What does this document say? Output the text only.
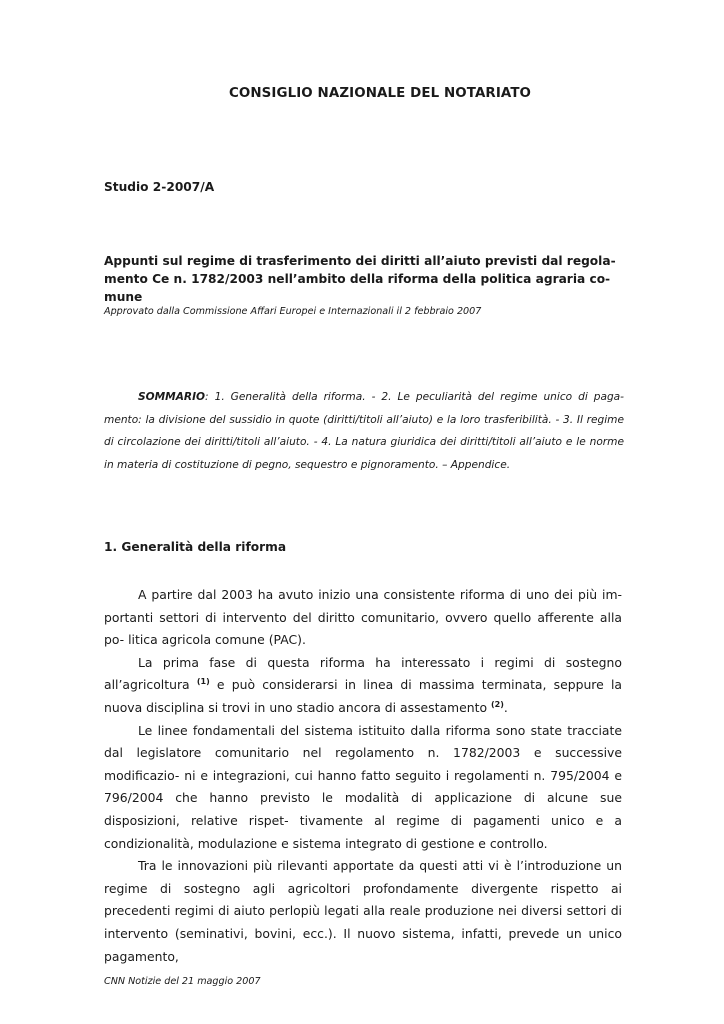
CONSIGLIO NAZIONALE DEL NOTARIATO
Studio 2-2007/A
Appunti sul regime di trasferimento dei diritti all’aiuto previsti dal regola-
mento Ce n. 1782/2003 nell’ambito della riforma della politica agraria co-
mune
Approvato dalla Commissione Affari Europei e Internazionali il 2 febbraio 2007
SOMMARIO: 1. Generalità della riforma. - 2. Le peculiarità del regime unico di paga- mento: la divisione del sussidio in quote (diritti/titoli all’aiuto) e la loro trasferibilità. - 3. Il regime di circolazione dei diritti/titoli all’aiuto. - 4. La natura giuridica dei diritti/titoli all’aiuto e le norme in materia di costituzione di pegno, sequestro e pignoramento. – Appendice.
1. Generalità della riforma

A partire dal 2003 ha avuto inizio una consistente riforma di uno dei più im- portanti settori di intervento del diritto comunitario, ovvero quello afferente alla po- litica agricola comune (PAC).

La prima fase di questa riforma ha interessato i regimi di sostegno all’agricoltura $^{(1)}$ e può considerarsi in linea di massima terminata, seppure la nuova disciplina si trovi in uno stadio ancora di assestamento $^{(2)}$.

Le linee fondamentali del sistema istituito dalla riforma sono state tracciate dal legislatore comunitario nel regolamento n. 1782/2003 e successive modificazio- ni e integrazioni, cui hanno fatto seguito i regolamenti n. 795/2004 e 796/2004 che hanno previsto le modalità di applicazione di alcune sue disposizioni, relative rispet- tivamente al regime di pagamenti unico e a condizionalità, modulazione e sistema integrato di gestione e controllo.

Tra le innovazioni più rilevanti apportate da questi atti vi è l’introduzione un regime di sostegno agli agricoltori profondamente divergente rispetto ai precedenti regimi di aiuto perlopiù legati alla reale produzione nei diversi settori di intervento (seminativi, bovini, ecc.). Il nuovo sistema, infatti, prevede un unico pagamento,

CNN Notizie del 21 maggio 2007
